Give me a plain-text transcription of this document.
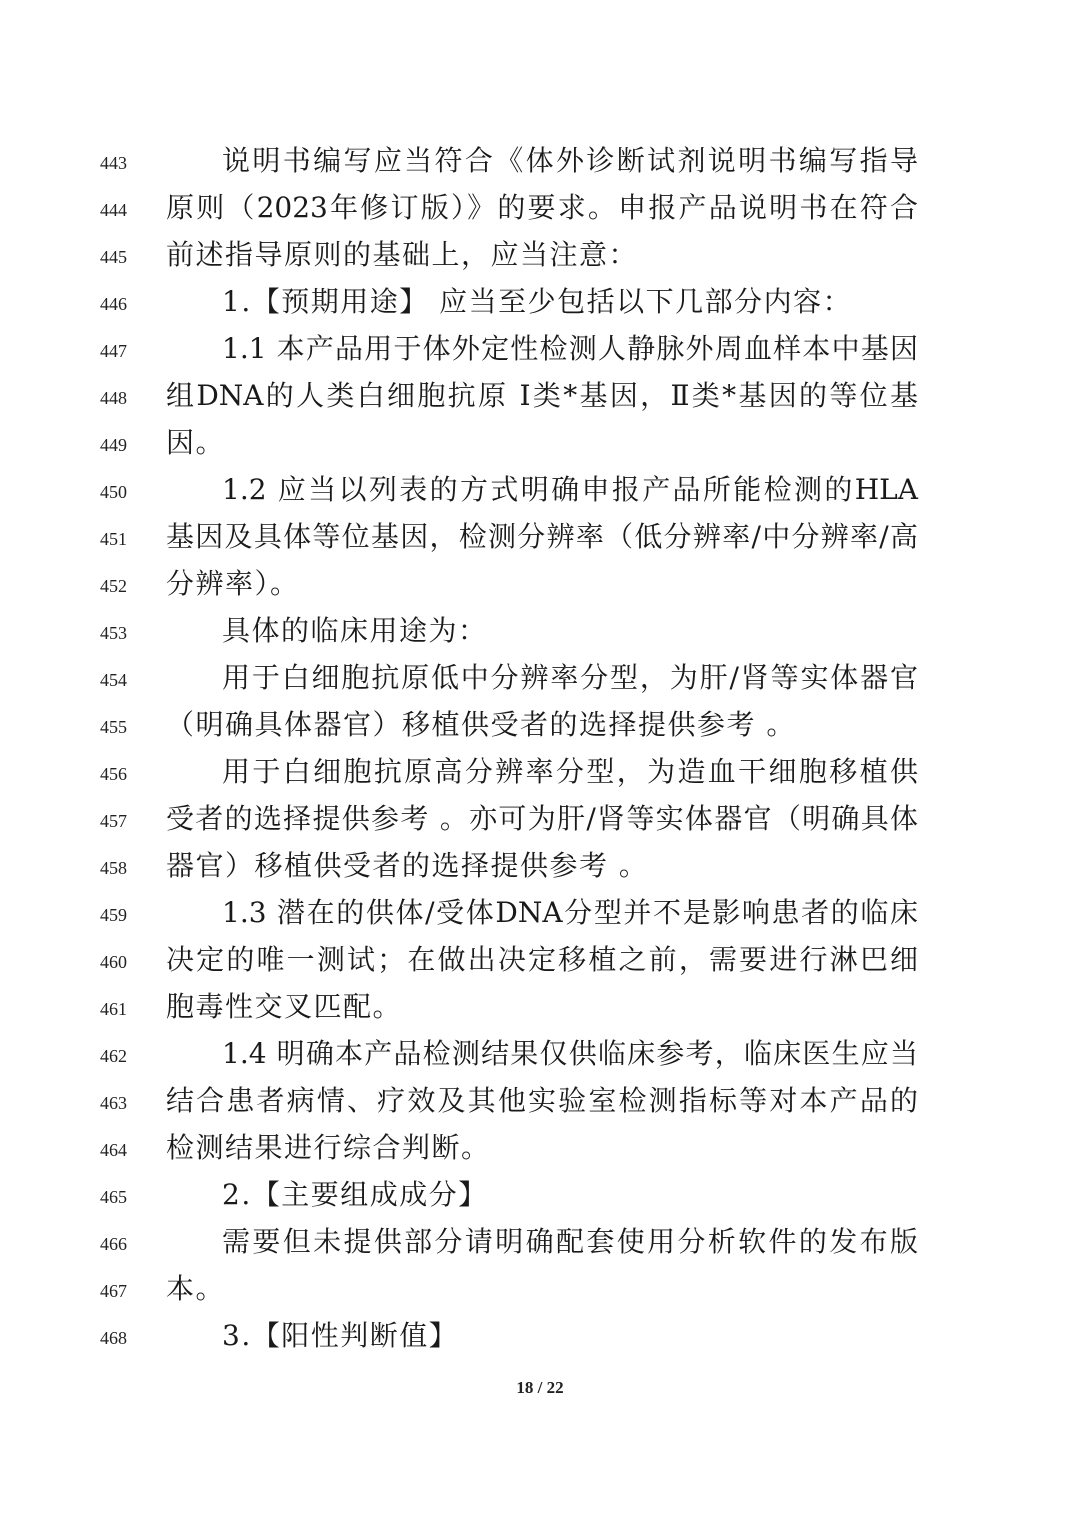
443	说明书编写应当符合《体外诊断试剂说明书编写指导
444	原则（2023年修订版）》的要求。申报产品说明书在符合
445	前述指导原则的基础上，应当注意：
446	1.【预期用途】 应当至少包括以下几部分内容：
447	1.1 本产品用于体外定性检测人静脉外周血样本中基因
448	组DNA的人类白细胞抗原 Ⅰ类*基因，Ⅱ类*基因的等位基
449	因。
450	1.2 应当以列表的方式明确申报产品所能检测的HLA
451	基因及具体等位基因，检测分辨率（低分辨率/中分辨率/高
452	分辨率）。
453	具体的临床用途为：
454	用于白细胞抗原低中分辨率分型，为肝/肾等实体器官
455	（明确具体器官）移植供受者的选择提供参考 。
456	用于白细胞抗原高分辨率分型，为造血干细胞移植供
457	受者的选择提供参考 。亦可为肝/肾等实体器官（明确具体
458	器官）移植供受者的选择提供参考 。
459	1.3 潜在的供体/受体DNA分型并不是影响患者的临床
460	决定的唯一测试；在做出决定移植之前，需要进行淋巴细
461	胞毒性交叉匹配。
462	1.4 明确本产品检测结果仅供临床参考，临床医生应当
463	结合患者病情、疗效及其他实验室检测指标等对本产品的
464	检测结果进行综合判断。
465	2.【主要组成成分】
466	需要但未提供部分请明确配套使用分析软件的发布版
467	本。
468	3.【阳性判断值】
18 / 22
